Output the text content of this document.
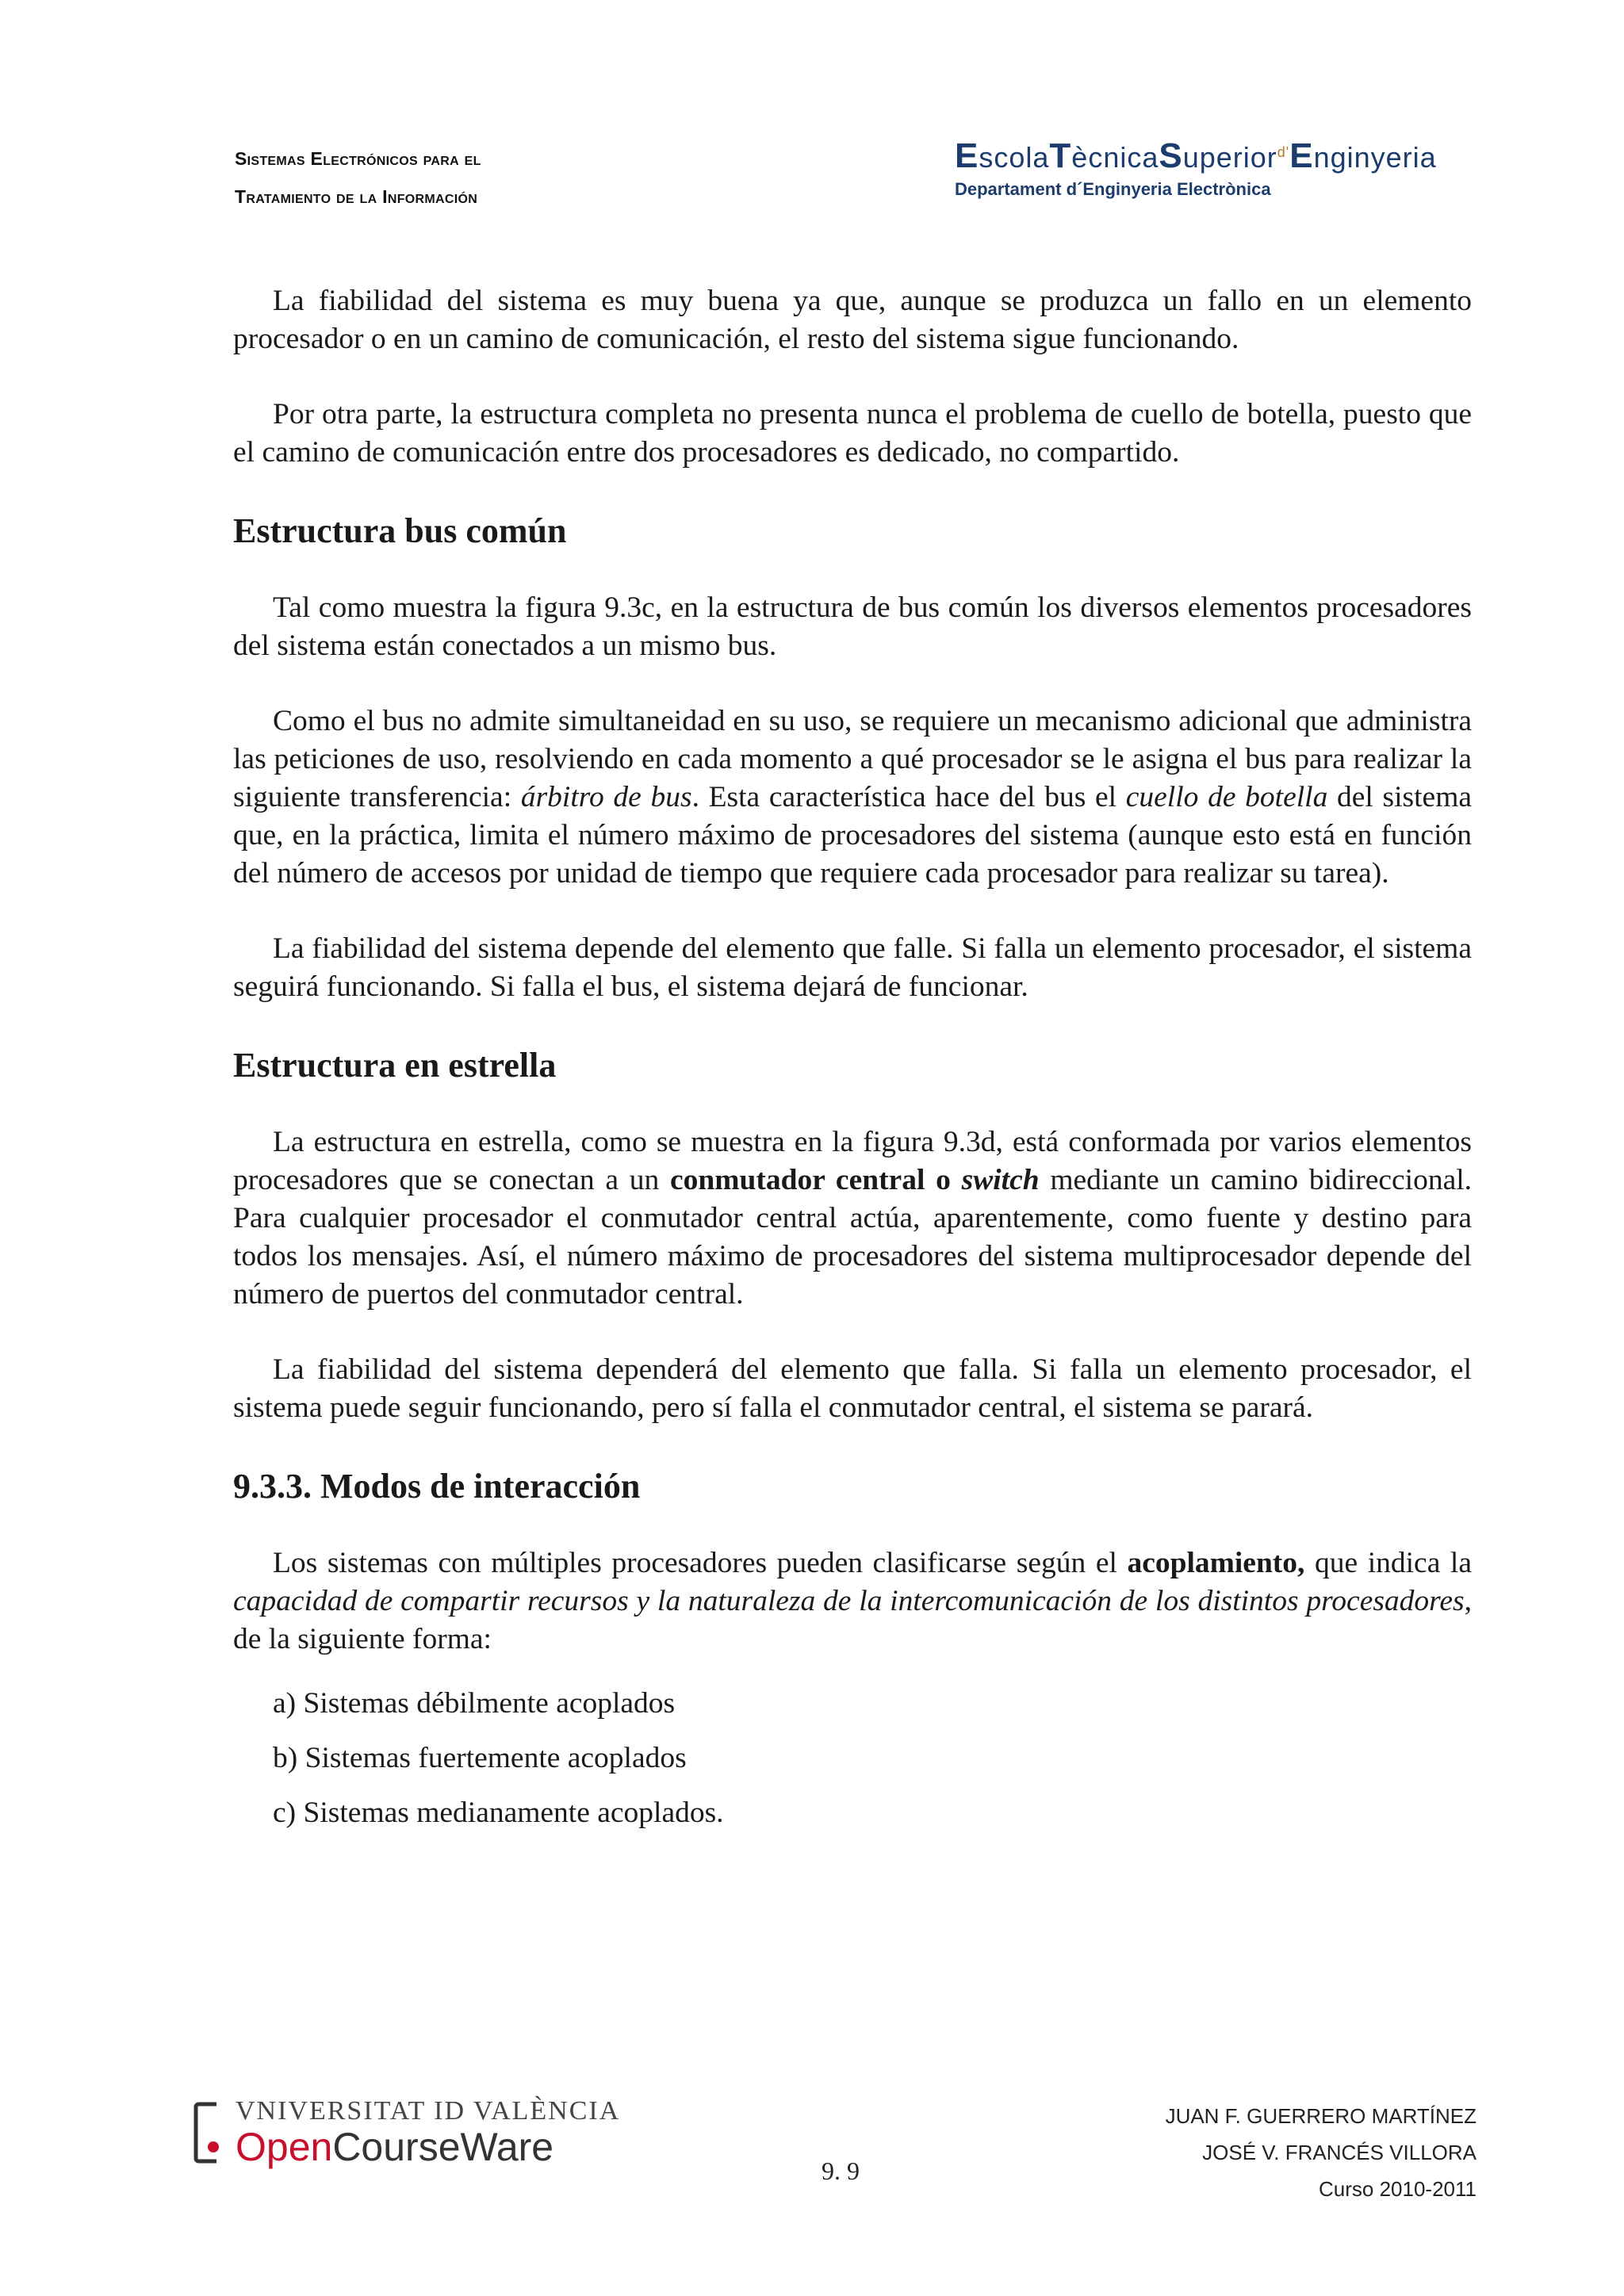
Sistemas Electrónicos para el
Tratamiento de la Información
EscolaTècnicaSuperior$^{d'}$Enginyeria
Departament d´Enginyeria Electrònica

La fiabilidad del sistema es muy buena ya que, aunque se produzca un fallo en un elemento procesador o en un camino de comunicación, el resto del sistema sigue funcionando.

Por otra parte, la estructura completa no presenta nunca el problema de cuello de botella, puesto que el camino de comunicación entre dos procesadores es dedicado, no compartido.

Estructura bus común

Tal como muestra la figura 9.3c, en la estructura de bus común los diversos elementos procesadores del sistema están conectados a un mismo bus.

Como el bus no admite simultaneidad en su uso, se requiere un mecanismo adicional que administra las peticiones de uso, resolviendo en cada momento a qué procesador se le asigna el bus para realizar la siguiente transferencia: árbitro de bus. Esta característica hace del bus el cuello de botella del sistema que, en la práctica, limita el número máximo de procesadores del sistema (aunque esto está en función del número de accesos por unidad de tiempo que requiere cada procesador para realizar su tarea).

La fiabilidad del sistema depende del elemento que falle. Si falla un elemento procesador, el sistema seguirá funcionando. Si falla el bus, el sistema dejará de funcionar.

Estructura en estrella

La estructura en estrella, como se muestra en la figura 9.3d, está conformada por varios elementos procesadores que se conectan a un conmutador central o switch mediante un camino bidireccional. Para cualquier procesador el conmutador central actúa, aparentemente, como fuente y destino para todos los mensajes. Así, el número máximo de procesadores del sistema multiprocesador depende del número de puertos del conmutador central.

La fiabilidad del sistema dependerá del elemento que falla. Si falla un elemento procesador, el sistema puede seguir funcionando, pero sí falla el conmutador central, el sistema se parará.

9.3.3. Modos de interacción

Los sistemas con múltiples procesadores pueden clasificarse según el acoplamiento, que indica la capacidad de compartir recursos y la naturaleza de la intercomunicación de los distintos procesadores, de la siguiente forma:

a) Sistemas débilmente acoplados
b) Sistemas fuertemente acoplados
c) Sistemas medianamente acoplados.
VNIVERSITAT ID VALÈNCIA
OpenCourseWare
9. 9
JUAN F. GUERRERO MARTÍNEZ
JOSÉ V. FRANCÉS VILLORA
Curso 2010-2011
